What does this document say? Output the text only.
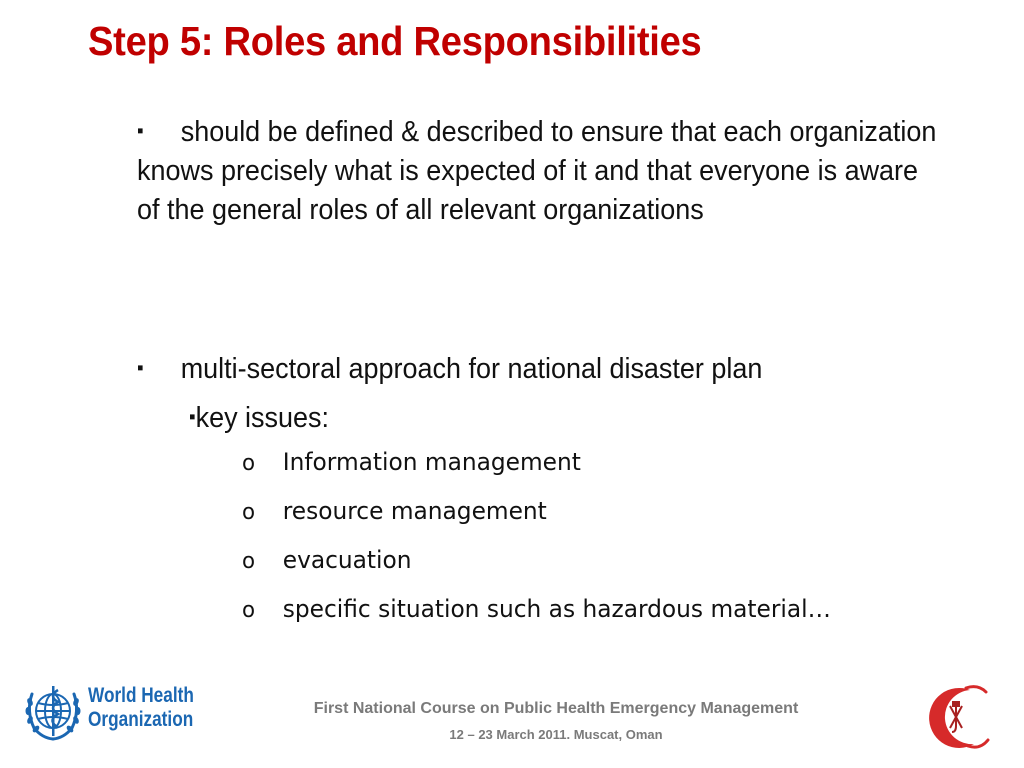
Step 5: Roles and Responsibilities
▪ should be defined & described to ensure that each organization knows precisely what is expected of it and that everyone is aware of the general roles of all relevant organizations
▪ multi-sectoral approach for national disaster plan
▪key issues:
o Information management
o resource management
o evacuation
o specific situation such as hazardous material…
World Health
Organization	First National Course on Public Health Emergency Management
12 – 23 March 2011. Muscat, Oman
